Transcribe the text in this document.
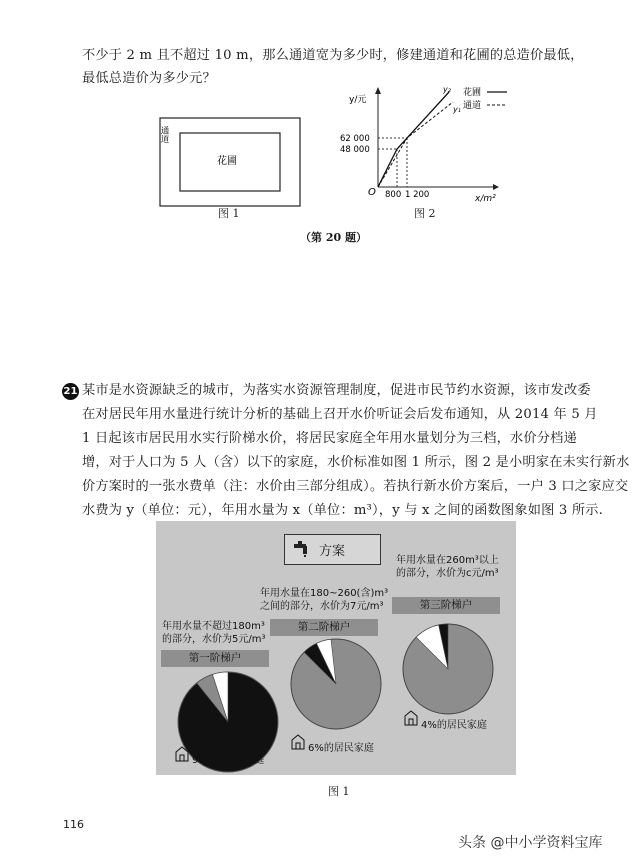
不少于 2 m 且不超过 10 m，那么通道宽为多少时，修建通道和花圃的总造价最低，
最低总造价为多少元？
通道
花圃
图 1
y/元
x/m²
O
62 000
48 000
800 1 200
y₂
y₁
花圃
通道
图 2
（第 20 题）
21 某市是水资源缺乏的城市，为落实水资源管理制度，促进市民节约水资源，该市发改委
在对居民年用水量进行统计分析的基础上召开水价听证会后发布通知，从 2014 年 5 月
1 日起该市居民用水实行阶梯水价，将居民家庭全年用水量划分为三档，水价分档递
增，对于人口为 5 人（含）以下的家庭，水价标准如图 1 所示，图 2 是小明家在未实行新水
价方案时的一张水费单（注：水价由三部分组成）。若执行新水价方案后，一户 3 口之家应交
水费为 y（单位：元），年用水量为 x（单位：m³），y 与 x 之间的函数图象如图 3 所示.
方案
年用水量在260m³以上
的部分，水价为c元/m³
第三阶梯户
年用水量在180~260(含)m³
之间的部分，水价为7元/m³
第二阶梯户
年用水量不超过180m³
的部分，水价为5元/m³
第一阶梯户
90%的居民家庭
6%的居民家庭
4%的居民家庭
图 1
116
头条 @中小学资料宝库
